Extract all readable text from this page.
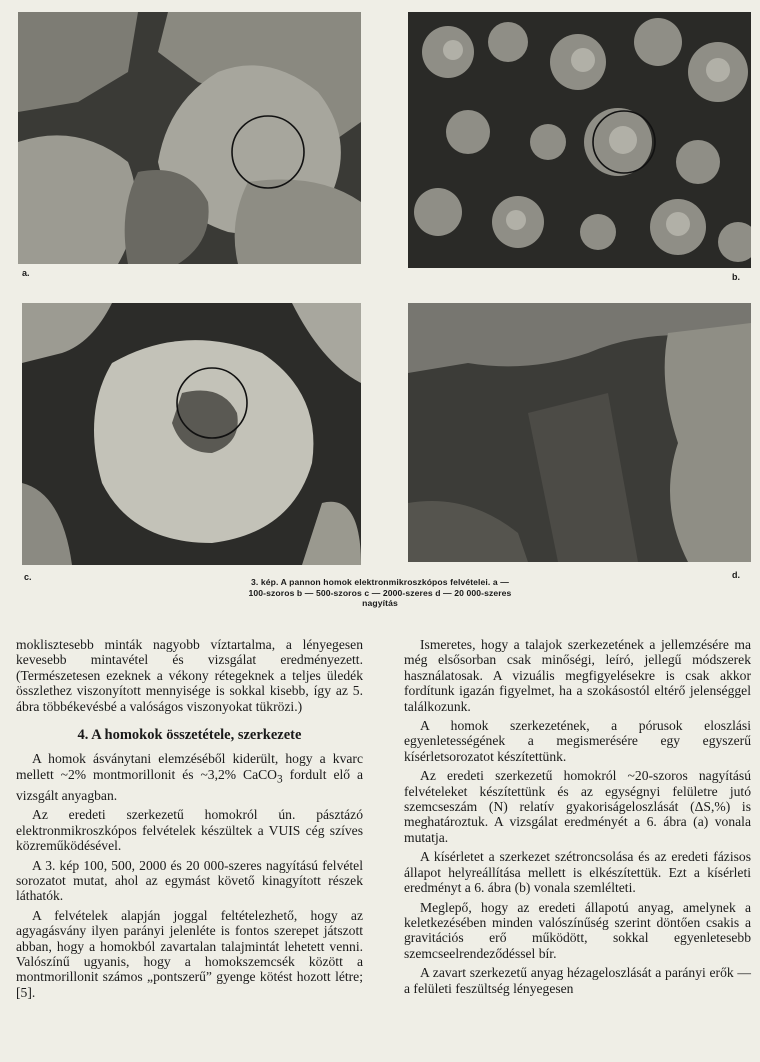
a.	b.
c.	d.
3. kép. A pannon homok elektronmikroszkópos felvételei. a —
100-szoros b — 500-szoros c — 2000-szeres d — 20 000-szeres
nagyítás

moklisztesebb minták nagyobb víztartalma, a lényegesen kevesebb mintavétel és vizsgálat eredményezett. (Természetesen ezeknek a vékony rétegeknek a teljes üledék összlethez viszonyított mennyisége is sokkal kisebb, így az 5. ábra többékevésbé a valóságos viszonyokat tükrözi.)

4. A homokok összetétele, szerkezete

A homok ásványtani elemzéséből kiderült, hogy a kvarc mellett ~2% montmorillonit és ~3,2% CaCO$_3$ fordult elő a vizsgált anyagban.

Az eredeti szerkezetű homokról ún. pásztázó elektronmikroszkópos felvételek készültek a VUIS cég szíves közreműködésével.

A 3. kép 100, 500, 2000 és 20 000-szeres nagyítású felvétel sorozatot mutat, ahol az egymást követő kinagyított részek láthatók.

A felvételek alapján joggal feltételezhető, hogy az agyagásvány ilyen parányi jelenléte is fontos szerepet játszott abban, hogy a homokból zavartalan talajmintát lehetett venni. Valószínű ugyanis, hogy a homokszemcsék között a montmorillonit számos „pontszerű” gyenge kötést hozott létre; [5].

Ismeretes, hogy a talajok szerkezetének a jellemzésére ma még elsősorban csak minőségi, leíró, jellegű módszerek használatosak. A vizuális megfigyelésekre is csak akkor fordítunk igazán figyelmet, ha a szokásostól eltérő jelenséggel találkozunk.

A homok szerkezetének, a pórusok eloszlási egyenletességének a megismerésére egy egyszerű kísérletsorozatot készítettünk.

Az eredeti szerkezetű homokról ~20-szoros nagyítású felvételeket készítettünk és az egységnyi felületre jutó szemcseszám (N) relatív gyakoriságeloszlását (ΔS,%) is meghatároztuk. A vizsgálat eredményét a 6. ábra (a) vonala mutatja.

A kísérletet a szerkezet szétroncsolása és az eredeti fázisos állapot helyreállítása mellett is elkészítettük. Ezt a kísérleti eredményt a 6. ábra (b) vonala szemlélteti.

Meglepő, hogy az eredeti állapotú anyag, amelynek a keletkezésében minden valószínűség szerint döntően csakis a gravitációs erő működött, sokkal egyenletesebb szemcseelrendeződéssel bír.

A zavart szerkezetű anyag hézageloszlását a parányi erők — a felületi feszültség lényegesen
